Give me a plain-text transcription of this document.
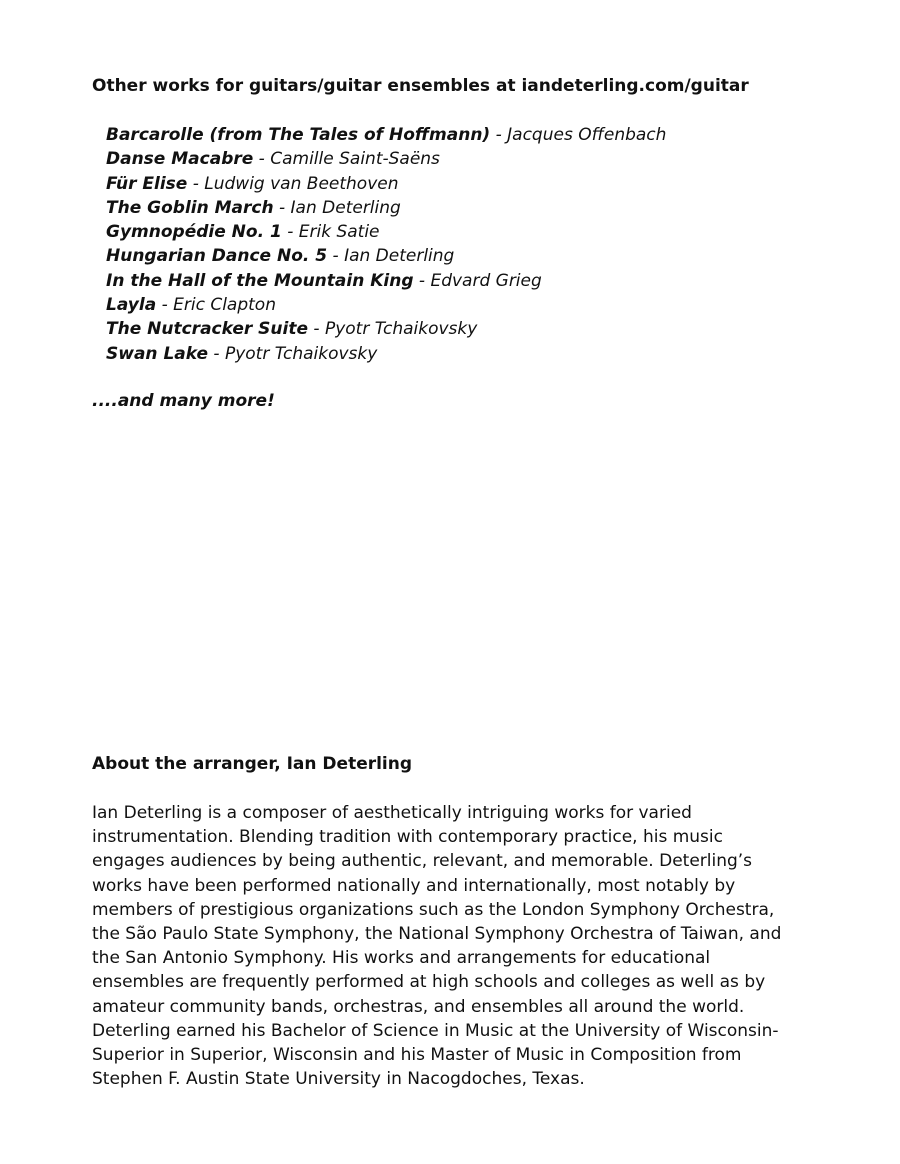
Other works for guitars/guitar ensembles at iandeterling.com/guitar
Barcarolle (from The Tales of Hoffmann) - Jacques Offenbach
Danse Macabre - Camille Saint-Saëns
Für Elise - Ludwig van Beethoven
The Goblin March - Ian Deterling
Gymnopédie No. 1 - Erik Satie
Hungarian Dance No. 5 - Ian Deterling
In the Hall of the Mountain King - Edvard Grieg
Layla - Eric Clapton
The Nutcracker Suite - Pyotr Tchaikovsky
Swan Lake - Pyotr Tchaikovsky
....and many more!
About the arranger, Ian Deterling

Ian Deterling is a composer of aesthetically intriguing works for varied instrumentation. Blending tradition with contemporary practice, his music engages audiences by being authentic, relevant, and memorable. Deterling’s works have been performed nationally and internationally, most notably by members of prestigious organizations such as the London Symphony Orchestra, the São Paulo State Symphony, the National Symphony Orchestra of Taiwan, and the San Antonio Symphony. His works and arrangements for educational ensembles are frequently performed at high schools and colleges as well as by amateur community bands, orchestras, and ensembles all around the world. Deterling earned his Bachelor of Science in Music at the University of Wisconsin-Superior in Superior, Wisconsin and his Master of Music in Composition from Stephen F. Austin State University in Nacogdoches, Texas.
